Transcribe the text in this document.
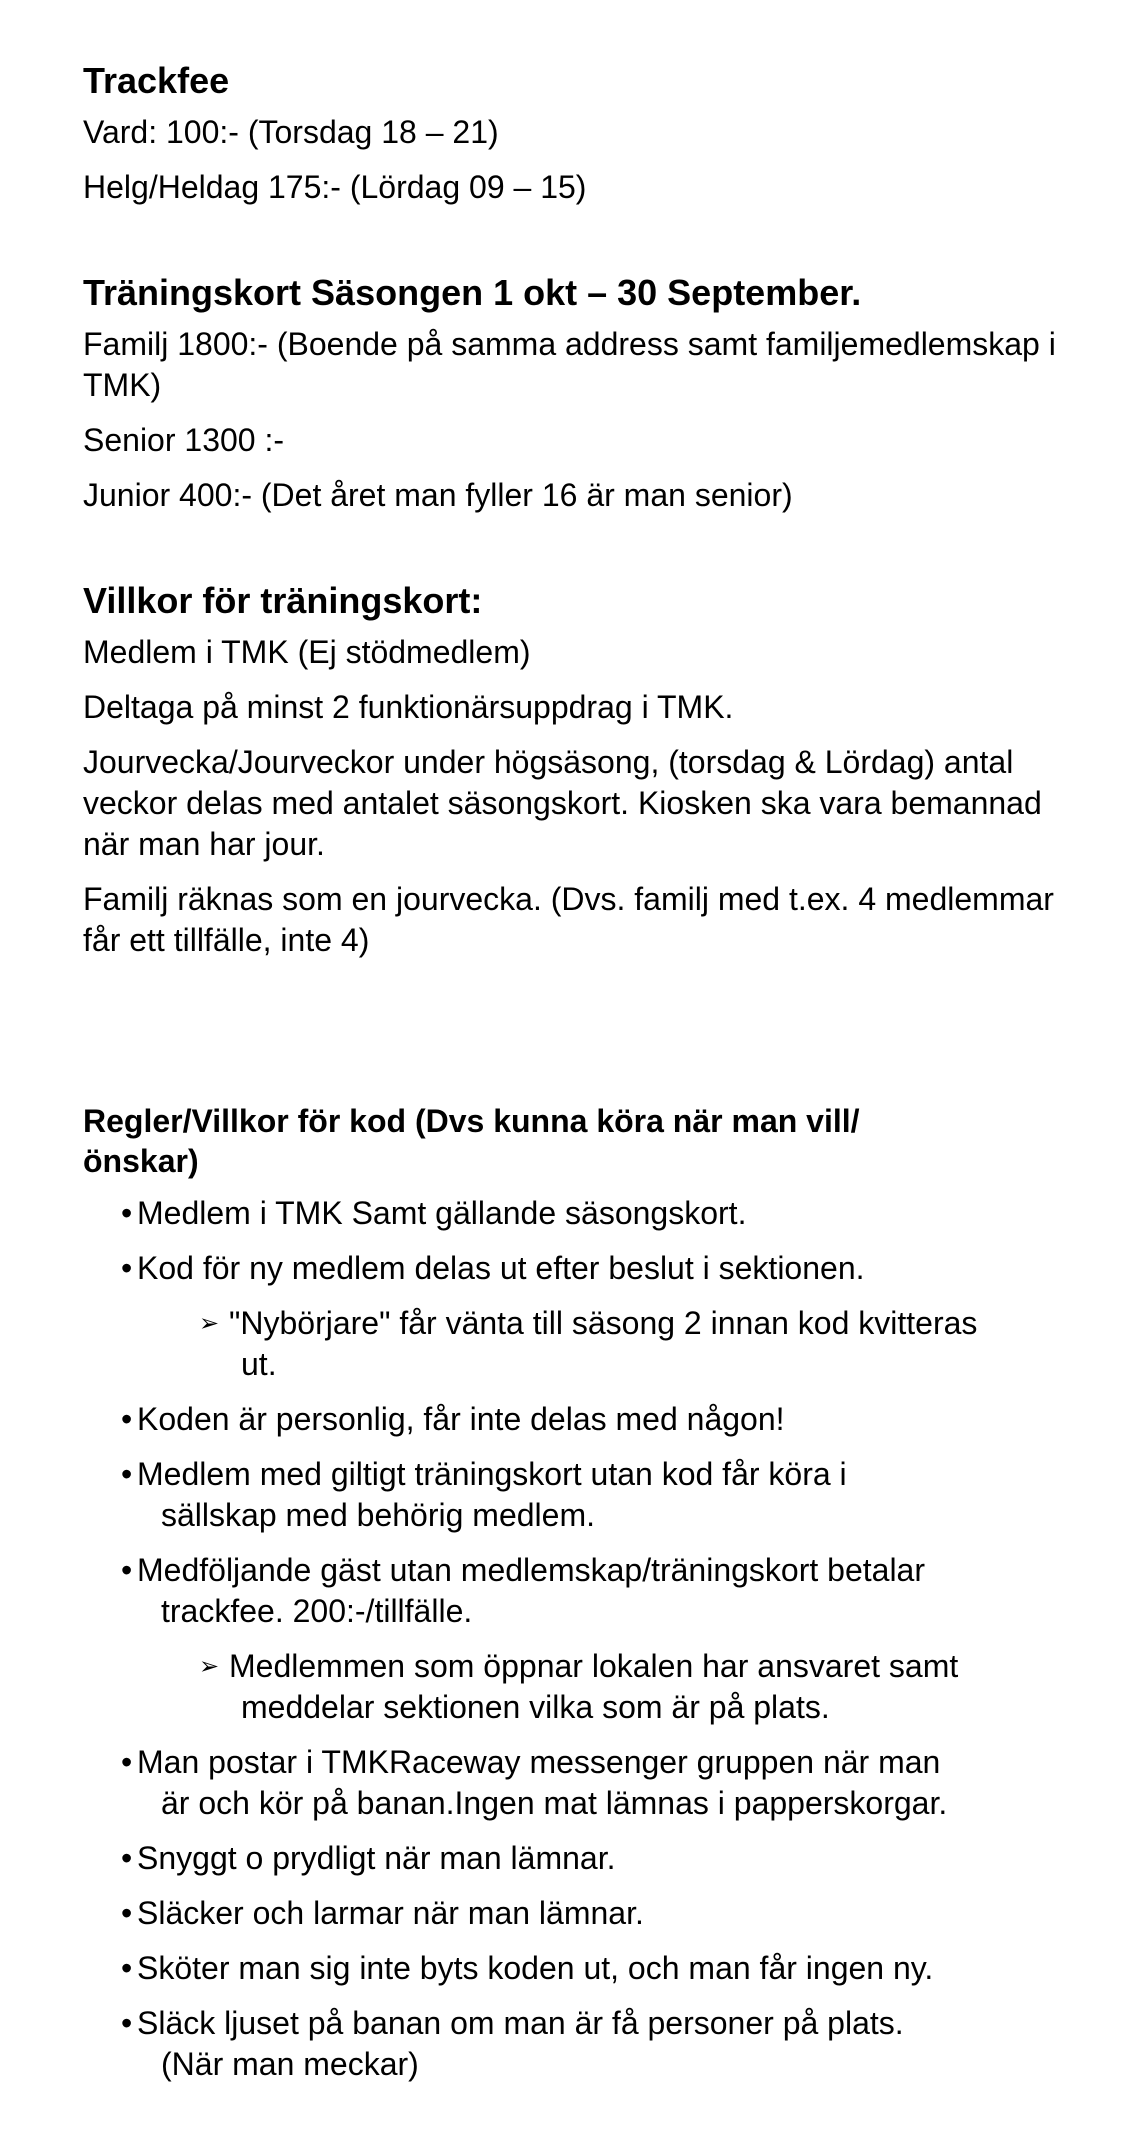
Trackfee
Vard: 100:- (Torsdag 18 – 21)
Helg/Heldag 175:- (Lördag 09 – 15)
Träningskort Säsongen 1 okt – 30 September.
Familj 1800:- (Boende på samma address samt familjemedlemskap i TMK)
Senior 1300 :-
Junior 400:- (Det året man fyller 16 är man senior)
Villkor för träningskort:
Medlem i TMK (Ej stödmedlem)
Deltaga på minst 2 funktionärsuppdrag i TMK.
Jourvecka/Jourveckor under högsäsong, (torsdag & Lördag) antal veckor delas med antalet säsongskort. Kiosken ska vara bemannad när man har jour.
Familj räknas som en jourvecka. (Dvs. familj med t.ex. 4 medlemmar får ett tillfälle, inte 4)
Regler/Villkor för kod (Dvs kunna köra när man vill/
önskar)
• Medlem i TMK Samt gällande säsongskort.
• Kod för ny medlem delas ut efter beslut i sektionen.
➢ "Nybörjare" får vänta till säsong 2 innan kod kvitteras
ut.
• Koden är personlig, får inte delas med någon!
• Medlem med giltigt träningskort utan kod får köra i
sällskap med behörig medlem.
• Medföljande gäst utan medlemskap/träningskort betalar
trackfee. 200:-/tillfälle.
➢ Medlemmen som öppnar lokalen har ansvaret samt
meddelar sektionen vilka som är på plats.
• Man postar i TMKRaceway messenger gruppen när man
är och kör på banan.Ingen mat lämnas i papperskorgar.
• Snyggt o prydligt när man lämnar.
• Släcker och larmar när man lämnar.
• Sköter man sig inte byts koden ut, och man får ingen ny.
• Släck ljuset på banan om man är få personer på plats.
(När man meckar)
